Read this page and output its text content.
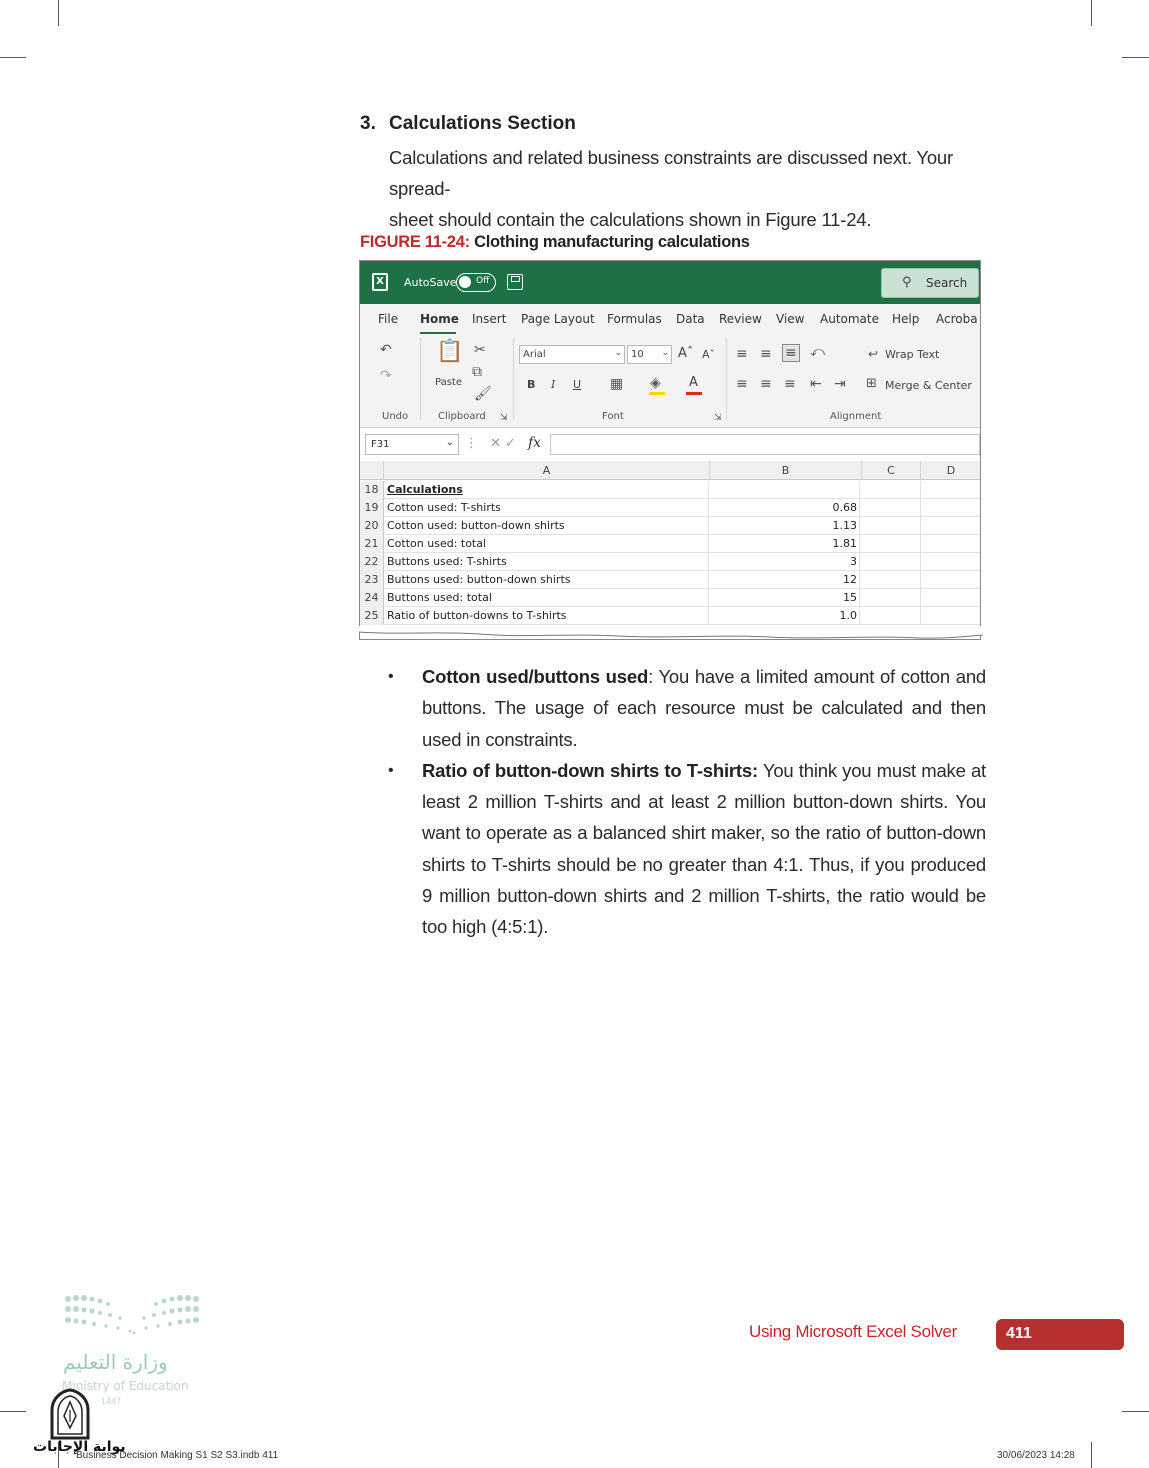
3. Calculations Section
Calculations and related business constraints are discussed next. Your spread-
sheet should contain the calculations shown in Figure 11-24.
FIGURE 11-24: Clothing manufacturing calculations
X	AutoSave Off	⚲ Search
File Home Insert Page Layout Formulas Data Review View Automate Help Acroba
↶
↷
Undo
📋
Paste
✂
⧉
🖌
Clipboard ⇲
Arial	⌄ 10 ⌄ Aˆ Aˇ
B I U ▦ ◈ A
Font	⇲
≡ ≡ ≡ ⤺
≡ ≡ ≡ ⇤ ⇥
↩ Wrap Text
⊞ Merge & Center
Alignment
F31	⌄ ⋮ ✕✓ fx
A	B	C	D
18 Calculations
19 Cotton used: T-shirts	0.68
20 Cotton used: button-down shirts	1.13
21 Cotton used: total	1.81
22 Buttons used: T-shirts	3
23 Buttons used: button-down shirts	12
24 Buttons used: total	15
25 Ratio of button-downs to T-shirts	1.0
• Cotton used/buttons used: You have a limited amount of cotton and buttons. The usage of each resource must be calculated and then used in constraints.
• Ratio of button-down shirts to T-shirts: You think you must make at least 2 million T-shirts and at least 2 million button-down shirts. You want to operate as a balanced shirt maker, so the ratio of button-down shirts to T-shirts should be no greater than 4:1. Thus, if you produced 9 million button-down shirts and 2 million T-shirts, the ratio would be too high (4:5:1).
Using Microsoft Excel Solver	411
وزارة التعليم
Ministry of Education
1447
بوابة الإجابات
Business Decision Making S1 S2 S3.indb 411	30/06/2023 14:28
